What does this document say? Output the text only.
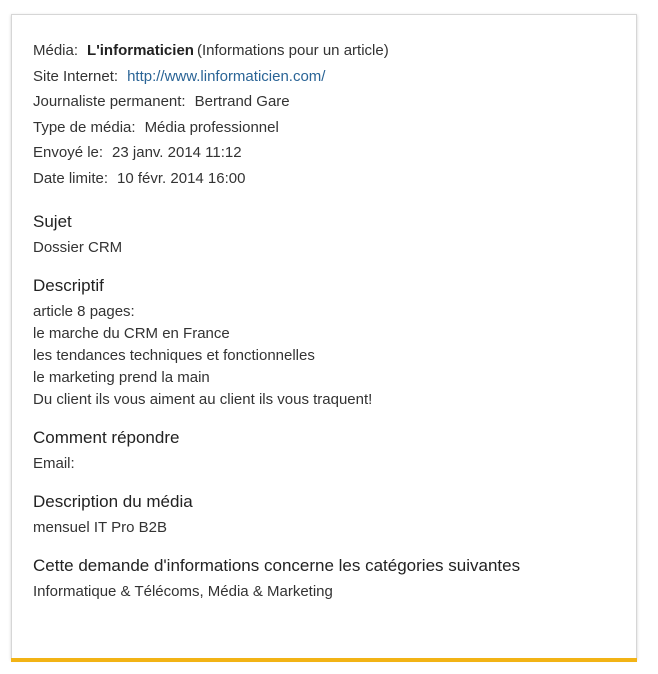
Média: L'informaticien (Informations pour un article)
Site Internet: http://www.linformaticien.com/
Journaliste permanent: Bertrand Gare
Type de média: Média professionnel
Envoyé le: 23 janv. 2014 11:12
Date limite: 10 févr. 2014 16:00
Sujet
Dossier CRM
Descriptif
article 8 pages:
le marche du CRM en France
les tendances techniques et fonctionnelles
le marketing prend la main
Du client ils vous aiment au client ils vous traquent!
Comment répondre
Email:
Description du média
mensuel IT Pro B2B
Cette demande d'informations concerne les catégories suivantes
Informatique & Télécoms, Média & Marketing
